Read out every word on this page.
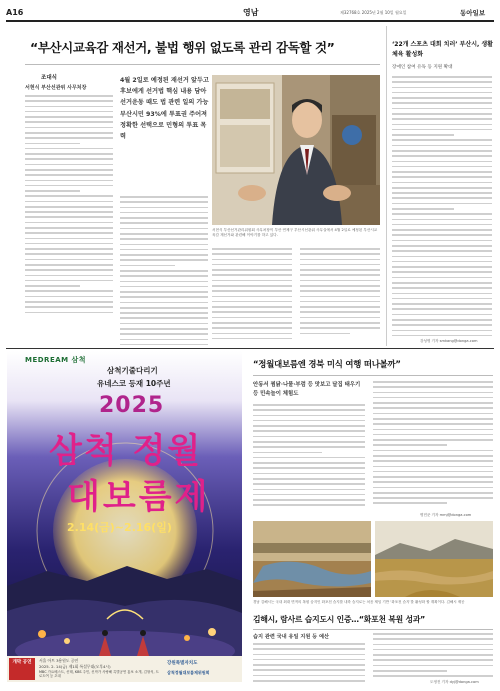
A16	영남	제32768호 2025년 2월 10일 월요일	동아일보
“부산시교육감 재선거, 불법 행위 없도록 관리 감독할 것”
조대식
서현식 부산선관위 사무처장
4월 2일로 예정된 재선거 앞두고 후보에게 선거법 핵심 내용 담아 선거운동 때도 법 관련 일의 가능 부산시민 93%에 투표권 주어져 정확한 선택으로 민형의 투표 목력
서현식 부산선거관리위원회 사무처장이 부산 연제구 부산시선관위 사무실에서 4월 2일로 예정된 부산시교육감 재선거와 관련해 이야기를 하고 있다.
‘22개 스포츠 대회 치러’ 부산시, 생활체육 활성화
장애인 참여 유독 등 지원 확대
강성명 기자 smkang@donga.com
MEDREAM 삼척
삼척기줄다리기
유네스코 등재 10주년
2025
삼척 정월
대보름제
2.14(금)~2.16(일)
개막 공연	서울 아트 3용원도 공연
2025. 2. 14(금) 제1회 특설무대(오후4시)
MBC 가요베스트, 신태, KBS 주민, 신작가 사랑해 특별공연 홍보 소개, 김형석, 트로트여 등 초대
강원특별자치도
삼척정월대보름제위원회
“정월대보름엔 경북 미식 여행 떠나볼까”
안동서 찜닭·나물·부럼 등 맛보고 달집 태우기 등 민속놀이 체험도
명민준 기자 mmj@donga.com
경남 김해시는 국내 최대 면적의 복원 습지인 화포천 습지를 내륙 습지로는 처음 제임 기반 ‘화포천 습지’를 활성화 할 계획이다. 김해시 제공
김해시, 람사르 습지도시 인증…“화포천 복원 성과”
습지 관련 국내 유일 지원 등 예산
도영진 기자 dyj@donga.com
